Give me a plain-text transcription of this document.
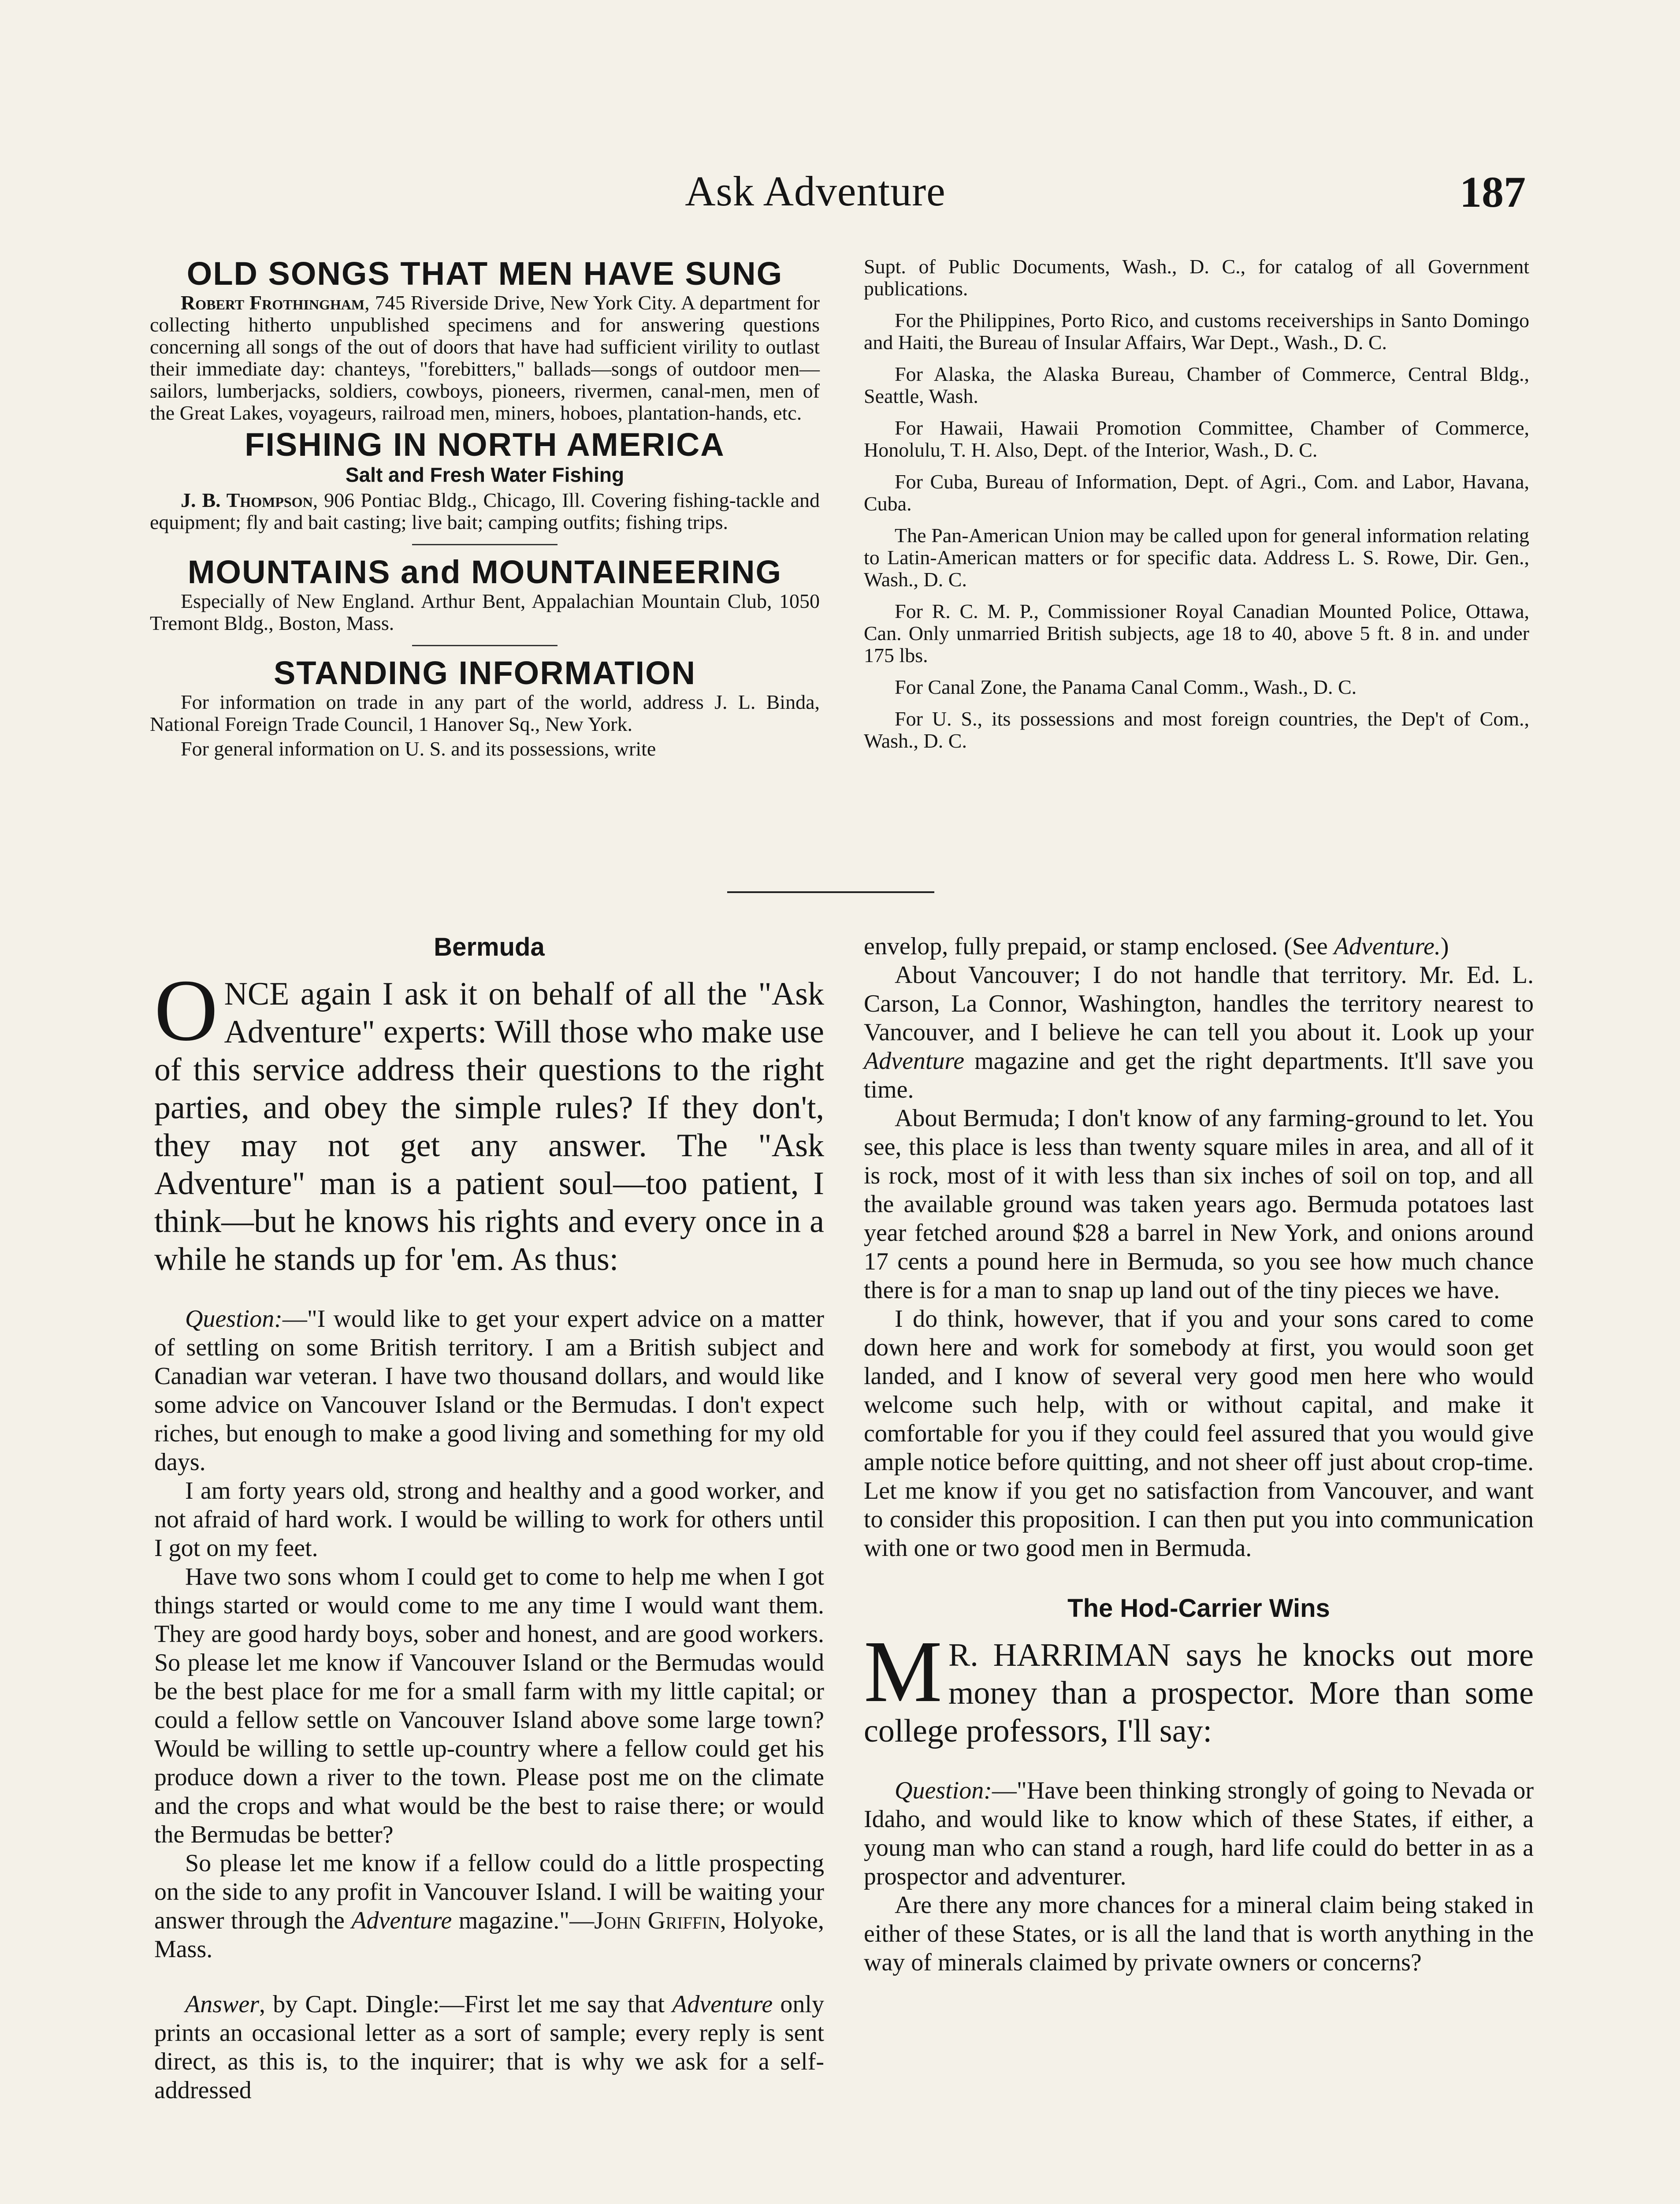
Ask Adventure	187
OLD SONGS THAT MEN HAVE SUNG

Robert Frothingham, 745 Riverside Drive, New York City. A department for collecting hitherto unpublished specimens and for answering questions concerning all songs of the out of doors that have had sufficient virility to outlast their immediate day: chanteys, "forebitters," ballads—songs of outdoor men—sailors, lumberjacks, soldiers, cowboys, pioneers, rivermen, canal-men, men of the Great Lakes, voyageurs, railroad men, miners, hoboes, plantation-hands, etc.

FISHING IN NORTH AMERICA

Salt and Fresh Water Fishing

J. B. Thompson, 906 Pontiac Bldg., Chicago, Ill. Covering fishing-tackle and equipment; fly and bait casting; live bait; camping outfits; fishing trips.

MOUNTAINS and MOUNTAINEERING

Especially of New England. Arthur Bent, Appalachian Mountain Club, 1050 Tremont Bldg., Boston, Mass.

STANDING INFORMATION

For information on trade in any part of the world, address J. L. Binda, National Foreign Trade Council, 1 Hanover Sq., New York.

For general information on U. S. and its possessions, write

Supt. of Public Documents, Wash., D. C., for catalog of all Government publications.

For the Philippines, Porto Rico, and customs receiverships in Santo Domingo and Haiti, the Bureau of Insular Affairs, War Dept., Wash., D. C.

For Alaska, the Alaska Bureau, Chamber of Commerce, Central Bldg., Seattle, Wash.

For Hawaii, Hawaii Promotion Committee, Chamber of Commerce, Honolulu, T. H. Also, Dept. of the Interior, Wash., D. C.

For Cuba, Bureau of Information, Dept. of Agri., Com. and Labor, Havana, Cuba.

The Pan-American Union may be called upon for general information relating to Latin-American matters or for specific data. Address L. S. Rowe, Dir. Gen., Wash., D. C.

For R. C. M. P., Commissioner Royal Canadian Mounted Police, Ottawa, Can. Only unmarried British subjects, age 18 to 40, above 5 ft. 8 in. and under 175 lbs.

For Canal Zone, the Panama Canal Comm., Wash., D. C.

For U. S., its possessions and most foreign countries, the Dep't of Com., Wash., D. C.

Bermuda

ONCE again I ask it on behalf of all the "Ask Adventure" experts: Will those who make use of this service address their questions to the right parties, and obey the simple rules? If they don't, they may not get any answer. The "Ask Adventure" man is a patient soul—too patient, I think—but he knows his rights and every once in a while he stands up for 'em. As thus:

Question:—"I would like to get your expert advice on a matter of settling on some British territory. I am a British subject and Canadian war veteran. I have two thousand dollars, and would like some advice on Vancouver Island or the Bermudas. I don't expect riches, but enough to make a good living and something for my old days.

I am forty years old, strong and healthy and a good worker, and not afraid of hard work. I would be willing to work for others until I got on my feet.

Have two sons whom I could get to come to help me when I got things started or would come to me any time I would want them. They are good hardy boys, sober and honest, and are good workers. So please let me know if Vancouver Island or the Bermudas would be the best place for me for a small farm with my little capital; or could a fellow settle on Vancouver Island above some large town? Would be willing to settle up-country where a fellow could get his produce down a river to the town. Please post me on the climate and the crops and what would be the best to raise there; or would the Bermudas be better?

So please let me know if a fellow could do a little prospecting on the side to any profit in Vancouver Island. I will be waiting your answer through the Adventure magazine."—John Griffin, Holyoke, Mass.

Answer, by Capt. Dingle:—First let me say that Adventure only prints an occasional letter as a sort of sample; every reply is sent direct, as this is, to the inquirer; that is why we ask for a self-addressed

envelop, fully prepaid, or stamp enclosed. (See Adventure.)

About Vancouver; I do not handle that territory. Mr. Ed. L. Carson, La Connor, Washington, handles the territory nearest to Vancouver, and I believe he can tell you about it. Look up your Adventure magazine and get the right departments. It'll save you time.

About Bermuda; I don't know of any farming-ground to let. You see, this place is less than twenty square miles in area, and all of it is rock, most of it with less than six inches of soil on top, and all the available ground was taken years ago. Bermuda potatoes last year fetched around $28 a barrel in New York, and onions around 17 cents a pound here in Bermuda, so you see how much chance there is for a man to snap up land out of the tiny pieces we have.

I do think, however, that if you and your sons cared to come down here and work for somebody at first, you would soon get landed, and I know of several very good men here who would welcome such help, with or without capital, and make it comfortable for you if they could feel assured that you would give ample notice before quitting, and not sheer off just about crop-time. Let me know if you get no satisfaction from Vancouver, and want to consider this proposition. I can then put you into communication with one or two good men in Bermuda.

The Hod-Carrier Wins

M R. HARRIMAN says he knocks out more money than a prospector. More than some college professors, I'll say:

Question:—"Have been thinking strongly of going to Nevada or Idaho, and would like to know which of these States, if either, a young man who can stand a rough, hard life could do better in as a prospector and adventurer.

Are there any more chances for a mineral claim being staked in either of these States, or is all the land that is worth anything in the way of minerals claimed by private owners or concerns?
